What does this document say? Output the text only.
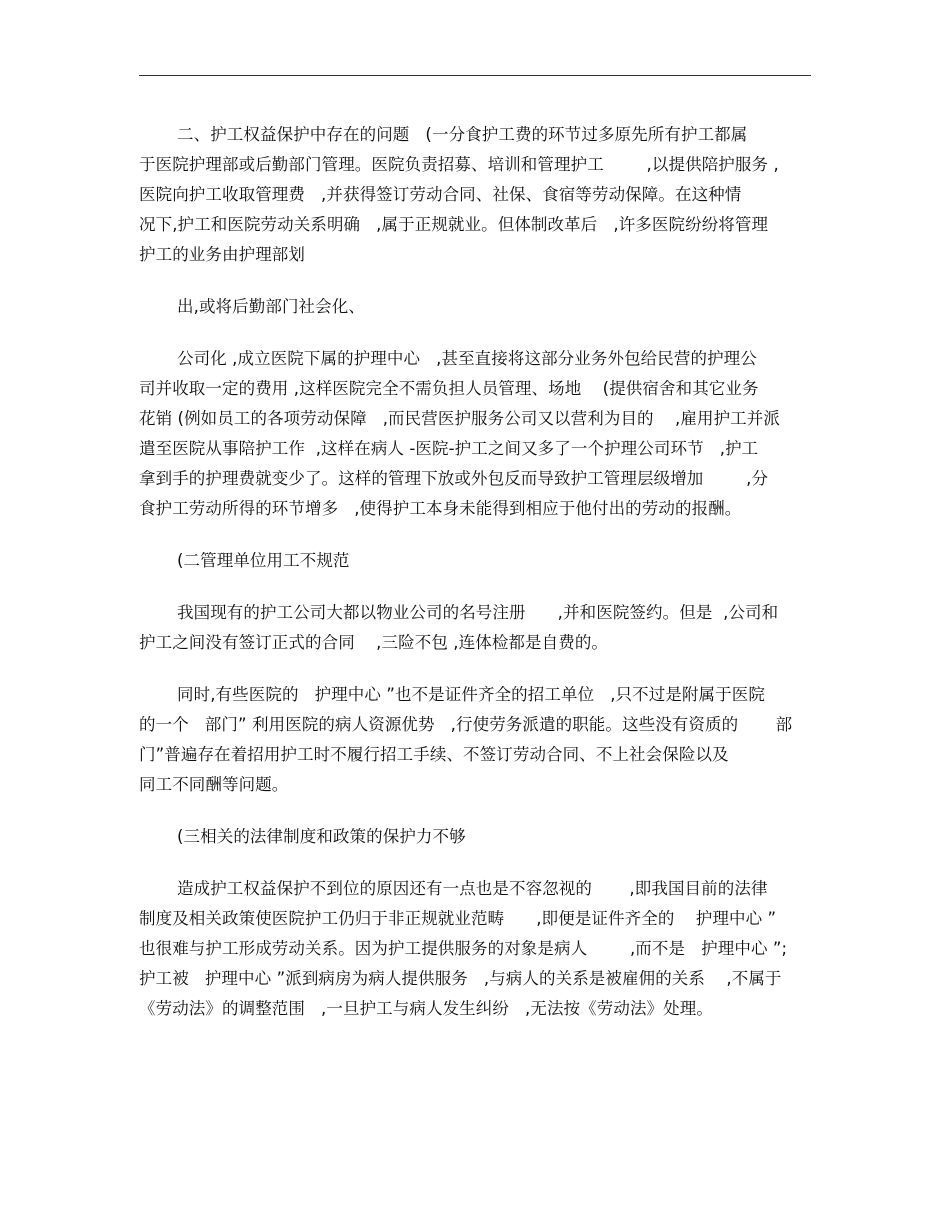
二、护工权益保护中存在的问题   (一分食护工费的环节过多原先所有护工都属
于医院护理部或后勤部门管理。医院负责招募、培训和管理护工        ,以提供陪护服务 ,
医院向护工收取管理费   ,并获得签订劳动合同、社保、食宿等劳动保障。在这种情
况下,护工和医院劳动关系明确   ,属于正规就业。但体制改革后   ,许多医院纷纷将管理
护工的业务由护理部划
出,或将后勤部门社会化、
公司化 ,成立医院下属的护理中心   ,甚至直接将这部分业务外包给民营的护理公
司并收取一定的费用 ,这样医院完全不需负担人员管理、场地    (提供宿舍和其它业务
花销 (例如员工的各项劳动保障   ,而民营医护服务公司又以营利为目的    ,雇用护工并派
遣至医院从事陪护工作  ,这样在病人 -医院-护工之间又多了一个护理公司环节   ,护工
拿到手的护理费就变少了。这样的管理下放或外包反而导致护工管理层级增加        ,分
食护工劳动所得的环节增多   ,使得护工本身未能得到相应于他付出的劳动的报酬。
(二管理单位用工不规范
我国现有的护工公司大都以物业公司的名号注册      ,并和医院签约。但是  ,公司和
护工之间没有签订正式的合同    ,三险不包 ,连体检都是自费的。
同时,有些医院的   护理中心 ”也不是证件齐全的招工单位   ,只不过是附属于医院
的一个   部门” 利用医院的病人资源优势   ,行使劳务派遣的职能。这些没有资质的       部
门”普遍存在着招用护工时不履行招工手续、不签订劳动合同、不上社会保险以及
同工不同酬等问题。
(三相关的法律制度和政策的保护力不够
造成护工权益保护不到位的原因还有一点也是不容忽视的       ,即我国目前的法律
制度及相关政策使医院护工仍归于非正规就业范畴      ,即便是证件齐全的    护理中心 ”
也很难与护工形成劳动关系。因为护工提供服务的对象是病人        ,而不是   护理中心 ”;
护工被   护理中心 ”派到病房为病人提供服务   ,与病人的关系是被雇佣的关系    ,不属于
《劳动法》的调整范围   ,一旦护工与病人发生纠纷   ,无法按《劳动法》处理。
